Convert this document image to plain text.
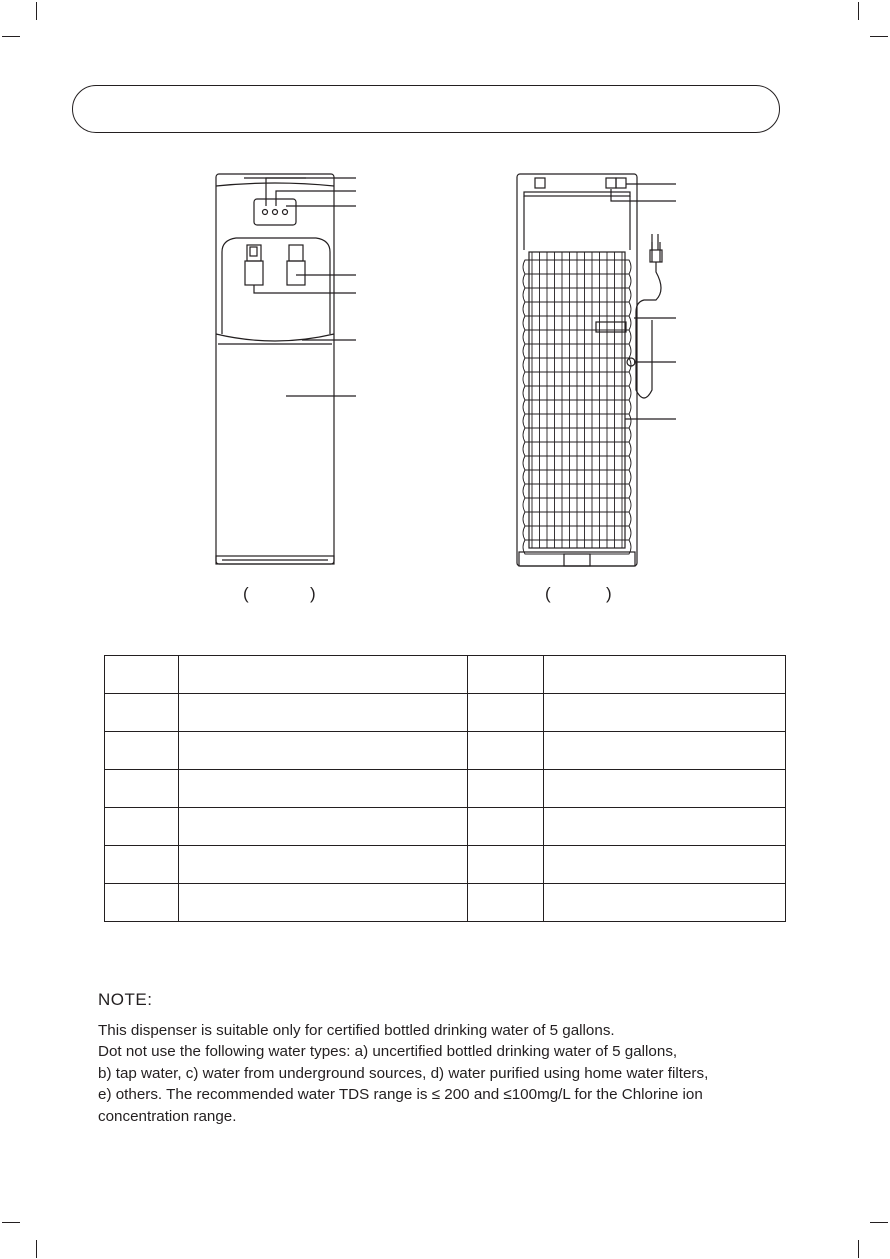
(	)	(	)

NOTE:

This dispenser is suitable only for certified bottled drinking water of 5 gallons.

Dot not use the following water types: a) uncertified bottled drinking water of 5 gallons,

b) tap water, c) water from underground sources, d) water purified using home water filters,

e) others. The recommended water TDS range is ≤ 200 and ≤100mg/L for the Chlorine ion

concentration range.
